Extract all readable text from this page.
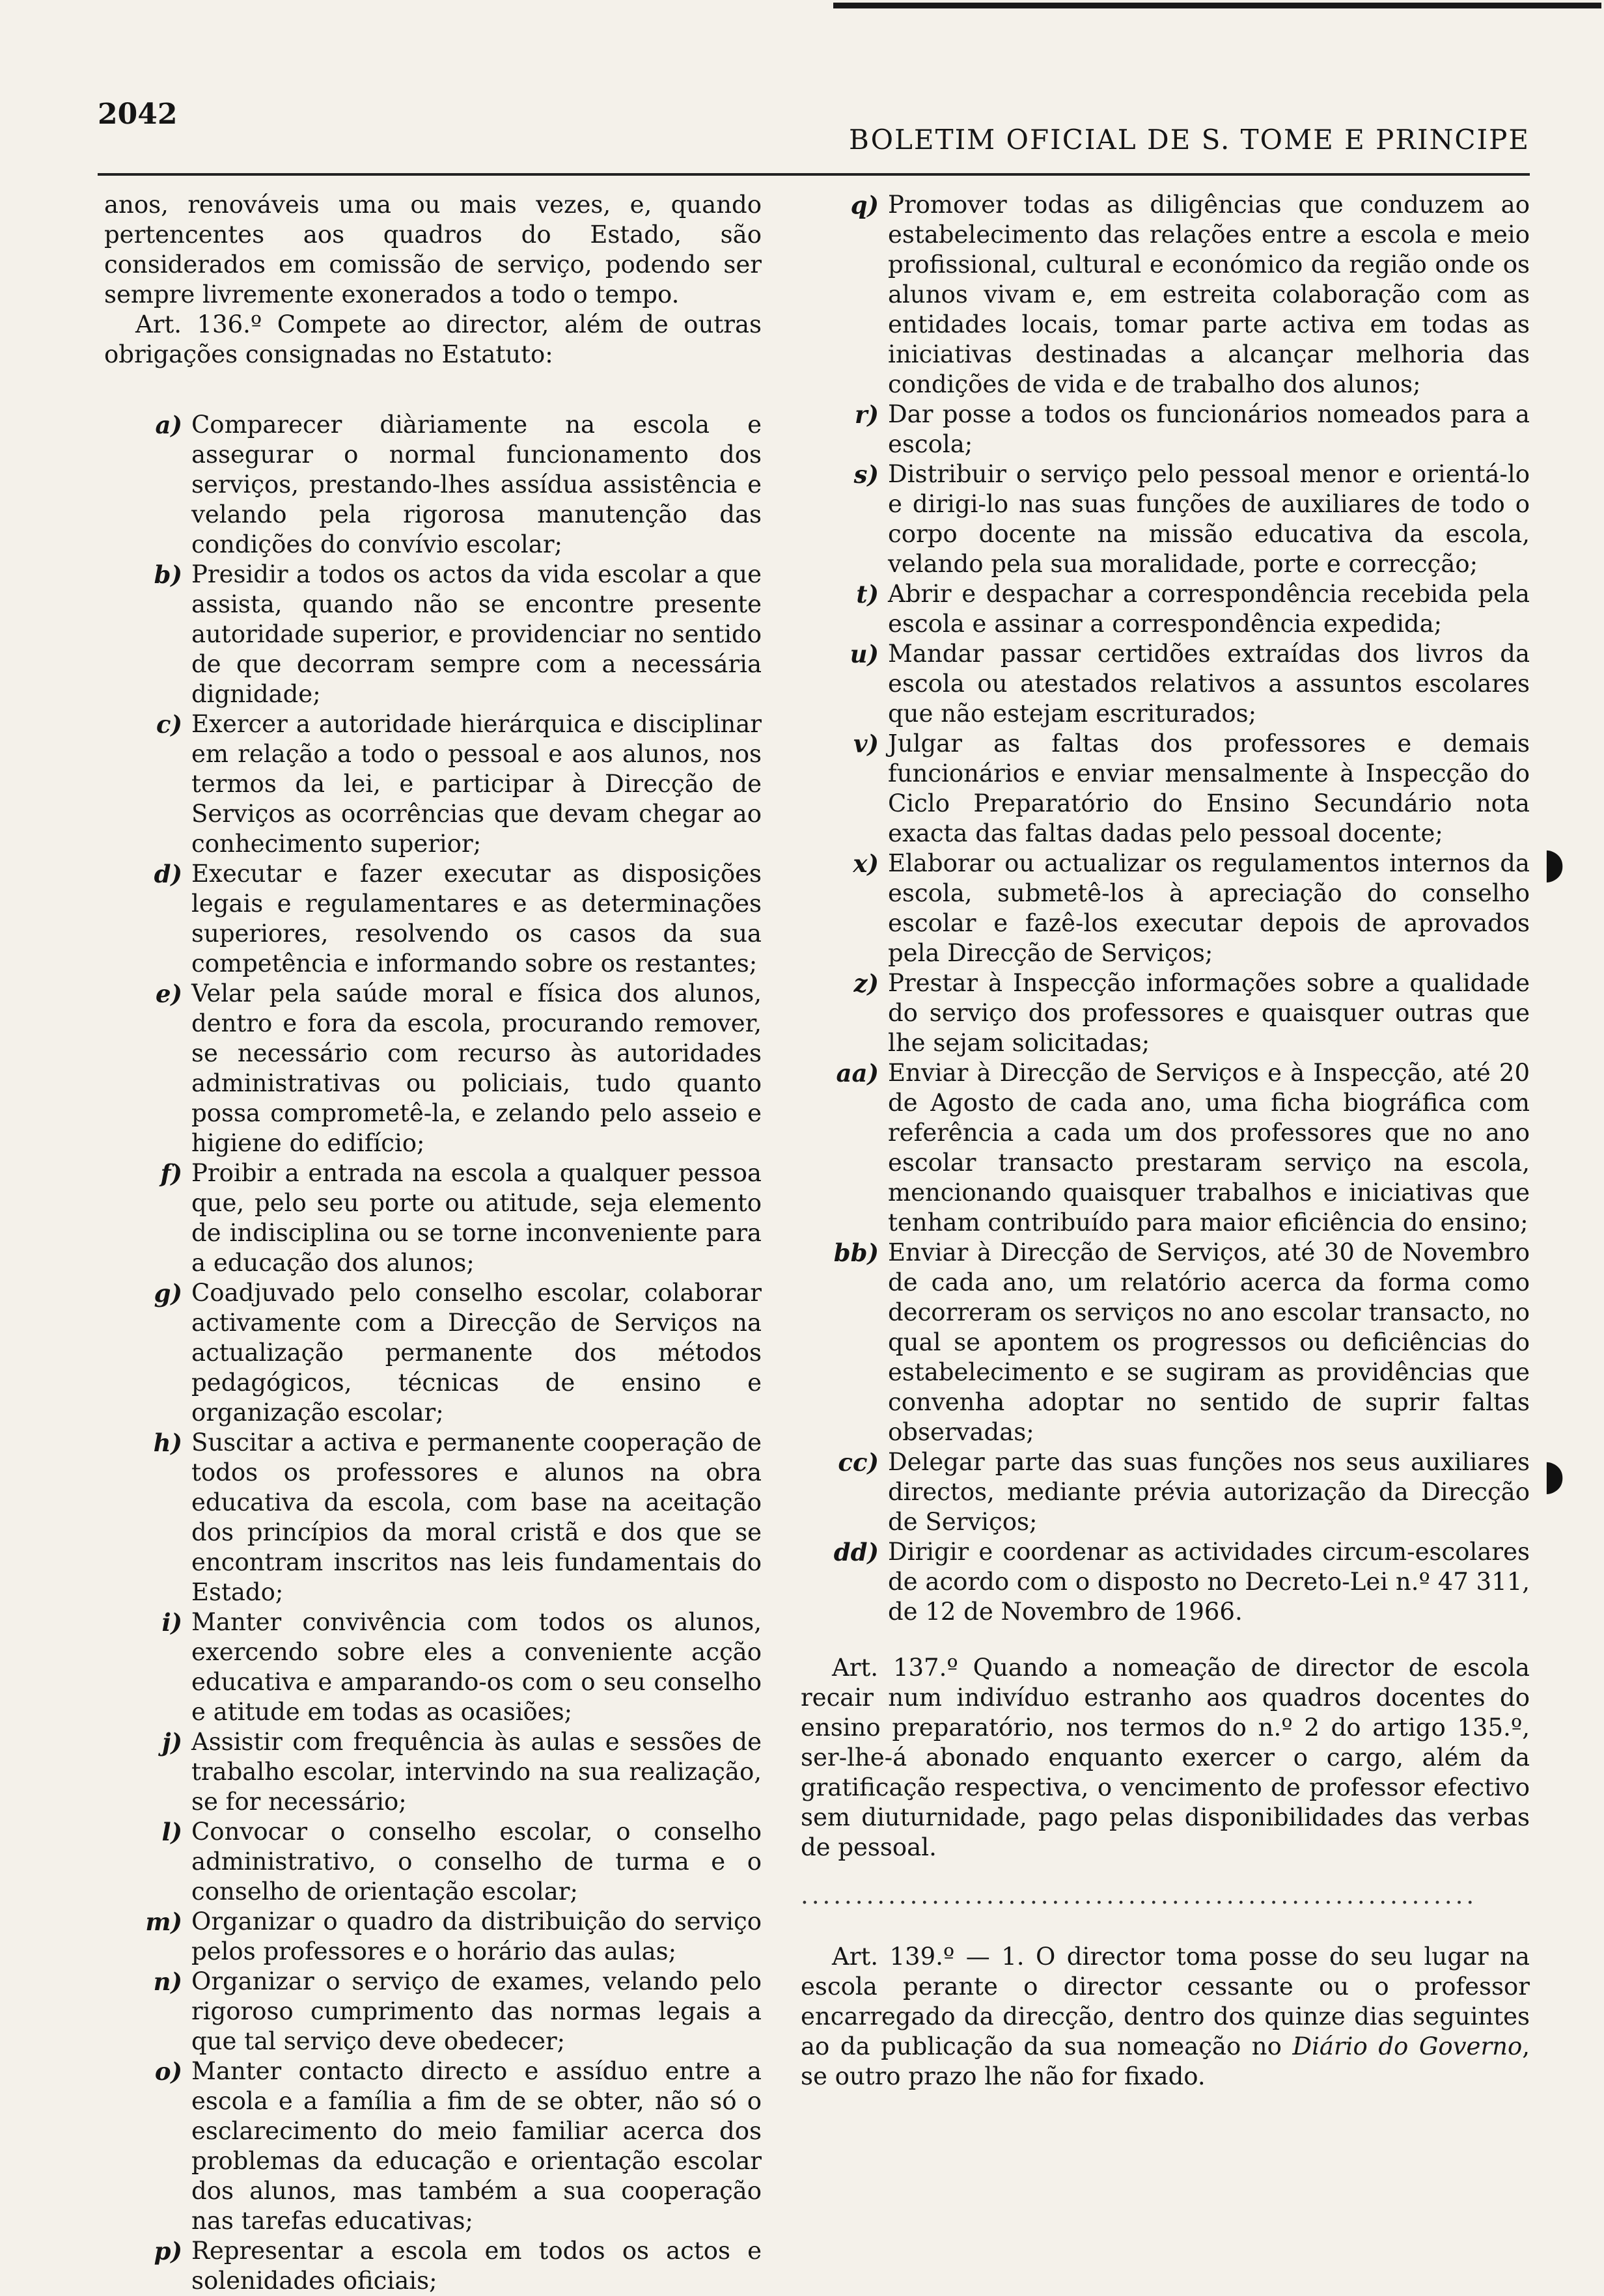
2042
BOLETIM OFICIAL DE S. TOME E PRINCIPE

anos, renováveis uma ou mais vezes, e, quando pertencentes aos quadros do Estado, são considerados em comissão de serviço, podendo ser sempre livremente exonerados a todo o tempo.

Art. 136.º Compete ao director, além de outras obrigações consignadas no Estatuto:

a) Comparecer diàriamente na escola e assegurar o normal funcionamento dos serviços, prestando-lhes assídua assistência e velando pela rigorosa manutenção das condições do convívio escolar;
b) Presidir a todos os actos da vida escolar a que assista, quando não se encontre presente autoridade superior, e providenciar no sentido de que decorram sempre com a necessária dignidade;
c) Exercer a autoridade hierárquica e disciplinar em relação a todo o pessoal e aos alunos, nos termos da lei, e participar à Direcção de Serviços as ocorrências que devam chegar ao conhecimento superior;
d) Executar e fazer executar as disposições legais e regulamentares e as determinações superiores, resolvendo os casos da sua competência e informando sobre os restantes;
e) Velar pela saúde moral e física dos alunos, dentro e fora da escola, procurando remover, se necessário com recurso às autoridades administrativas ou policiais, tudo quanto possa comprometê-la, e zelando pelo asseio e higiene do edifício;
f) Proibir a entrada na escola a qualquer pessoa que, pelo seu porte ou atitude, seja elemento de indisciplina ou se torne inconveniente para a educação dos alunos;
g) Coadjuvado pelo conselho escolar, colaborar activamente com a Direcção de Serviços na actualização permanente dos métodos pedagógicos, técnicas de ensino e organização escolar;
h) Suscitar a activa e permanente cooperação de todos os professores e alunos na obra educativa da escola, com base na aceitação dos princípios da moral cristã e dos que se encontram inscritos nas leis fundamentais do Estado;
i) Manter convivência com todos os alunos, exercendo sobre eles a conveniente acção educativa e amparando-os com o seu conselho e atitude em todas as ocasiões;
j) Assistir com frequência às aulas e sessões de trabalho escolar, intervindo na sua realização, se for necessário;
l) Convocar o conselho escolar, o conselho administrativo, o conselho de turma e o conselho de orientação escolar;
m) Organizar o quadro da distribuição do serviço pelos professores e o horário das aulas;
n) Organizar o serviço de exames, velando pelo rigoroso cumprimento das normas legais a que tal serviço deve obedecer;
o) Manter contacto directo e assíduo entre a escola e a família a fim de se obter, não só o esclarecimento do meio familiar acerca dos problemas da educação e orientação escolar dos alunos, mas também a sua cooperação nas tarefas educativas;
p) Representar a escola em todos os actos e solenidades oficiais;
q) Promover todas as diligências que conduzem ao estabelecimento das relações entre a escola e meio profissional, cultural e económico da região onde os alunos vivam e, em estreita colaboração com as entidades locais, tomar parte activa em todas as iniciativas destinadas a alcançar melhoria das condições de vida e de trabalho dos alunos;
r) Dar posse a todos os funcionários nomeados para a escola;
s) Distribuir o serviço pelo pessoal menor e orientá-lo e dirigi-lo nas suas funções de auxiliares de todo o corpo docente na missão educativa da escola, velando pela sua moralidade, porte e correcção;
t) Abrir e despachar a correspondência recebida pela escola e assinar a correspondência expedida;
u) Mandar passar certidões extraídas dos livros da escola ou atestados relativos a assuntos escolares que não estejam escriturados;
v) Julgar as faltas dos professores e demais funcionários e enviar mensalmente à Inspecção do Ciclo Preparatório do Ensino Secundário nota exacta das faltas dadas pelo pessoal docente;
x) Elaborar ou actualizar os regulamentos internos da escola, submetê-los à apreciação do conselho escolar e fazê-los executar depois de aprovados pela Direcção de Serviços;
z) Prestar à Inspecção informações sobre a qualidade do serviço dos professores e quaisquer outras que lhe sejam solicitadas;
aa) Enviar à Direcção de Serviços e à Inspecção, até 20 de Agosto de cada ano, uma ficha biográfica com referência a cada um dos professores que no ano escolar transacto prestaram serviço na escola, mencionando quaisquer trabalhos e iniciativas que tenham contribuído para maior eficiência do ensino;
bb) Enviar à Direcção de Serviços, até 30 de Novembro de cada ano, um relatório acerca da forma como decorreram os serviços no ano escolar transacto, no qual se apontem os progressos ou deficiências do estabelecimento e se sugiram as providências que convenha adoptar no sentido de suprir faltas observadas;
cc) Delegar parte das suas funções nos seus auxiliares directos, mediante prévia autorização da Direcção de Serviços;
dd) Dirigir e coordenar as actividades circum-escolares de acordo com o disposto no Decreto-Lei n.º 47 311, de 12 de Novembro de 1966.

Art. 137.º Quando a nomeação de director de escola recair num indivíduo estranho aos quadros docentes do ensino preparatório, nos termos do n.º 2 do artigo 135.º, ser-lhe-á abonado enquanto exercer o cargo, além da gratificação respectiva, o vencimento de professor efectivo sem diuturnidade, pago pelas disponibilidades das verbas de pessoal.

..............................................................

Art. 139.º — 1. O director toma posse do seu lugar na escola perante o director cessante ou o professor encarregado da direcção, dentro dos quinze dias seguintes ao da publicação da sua nomeação no Diário do Governo, se outro prazo lhe não for fixado.

◗
◗
